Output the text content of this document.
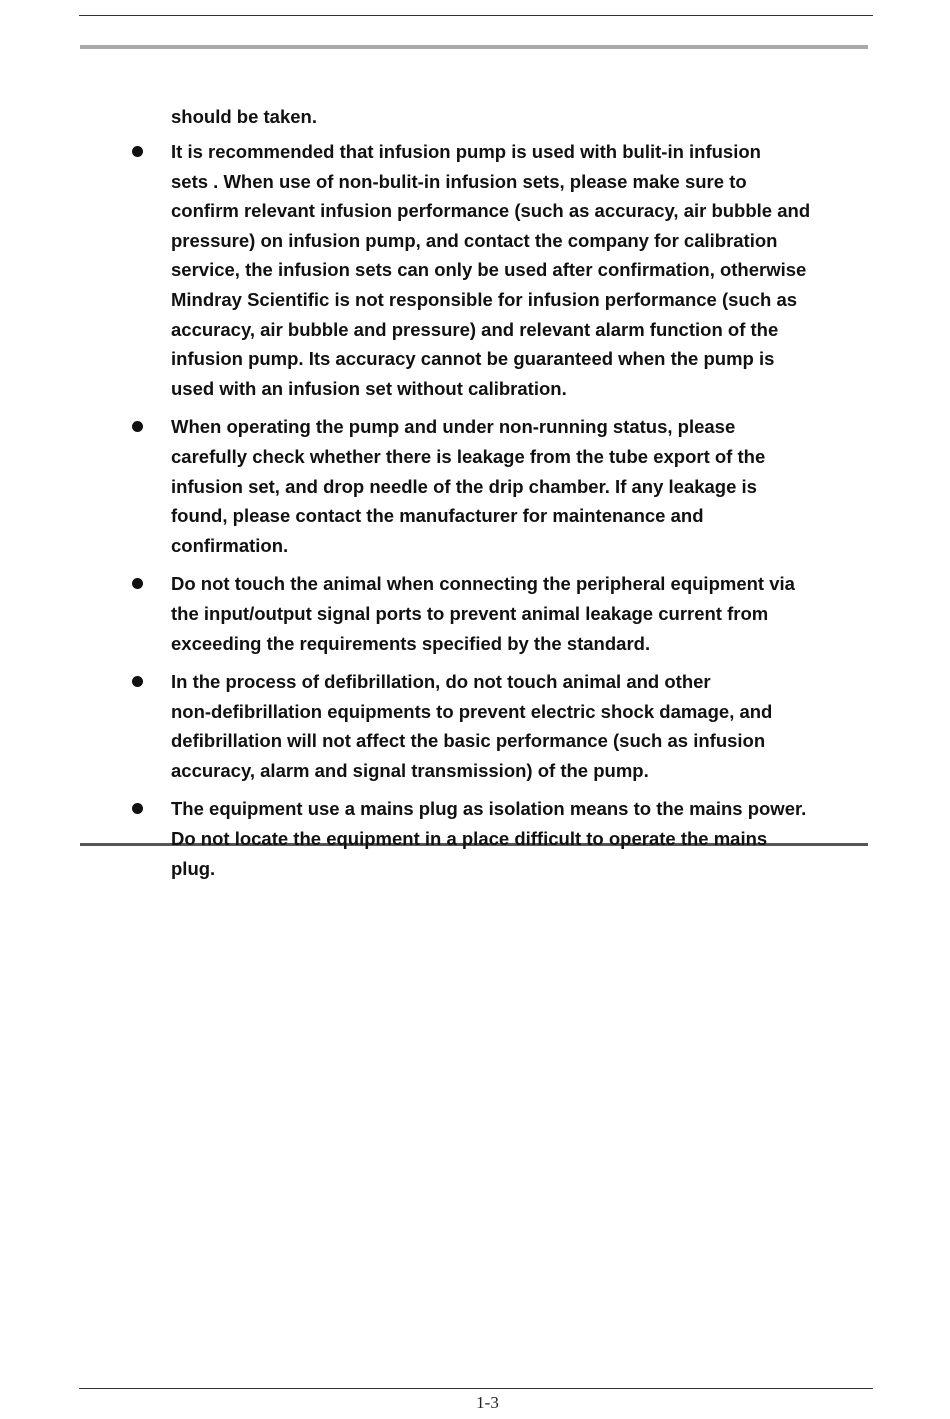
should be taken.

It is recommended that infusion pump is used with bulit-in infusion
sets . When use of non-bulit-in infusion sets, please make sure to
confirm relevant infusion performance (such as accuracy, air bubble and
pressure) on infusion pump, and contact the company for calibration
service, the infusion sets can only be used after confirmation, otherwise
Mindray Scientific is not responsible for infusion performance (such as
accuracy, air bubble and pressure) and relevant alarm function of the
infusion pump. Its accuracy cannot be guaranteed when the pump is
used with an infusion set without calibration.
When operating the pump and under non-running status, please
carefully check whether there is leakage from the tube export of the
infusion set, and drop needle of the drip chamber. If any leakage is
found, please contact the manufacturer for maintenance and
confirmation.
Do not touch the animal when connecting the peripheral equipment via
the input/output signal ports to prevent animal leakage current from
exceeding the requirements specified by the standard.
In the process of defibrillation, do not touch animal and other
non-defibrillation equipments to prevent electric shock damage, and
defibrillation will not affect the basic performance (such as infusion
accuracy, alarm and signal transmission) of the pump.
The equipment use a mains plug as isolation means to the mains power.
Do not locate the equipment in a place difficult to operate the mains
plug.
1-3
